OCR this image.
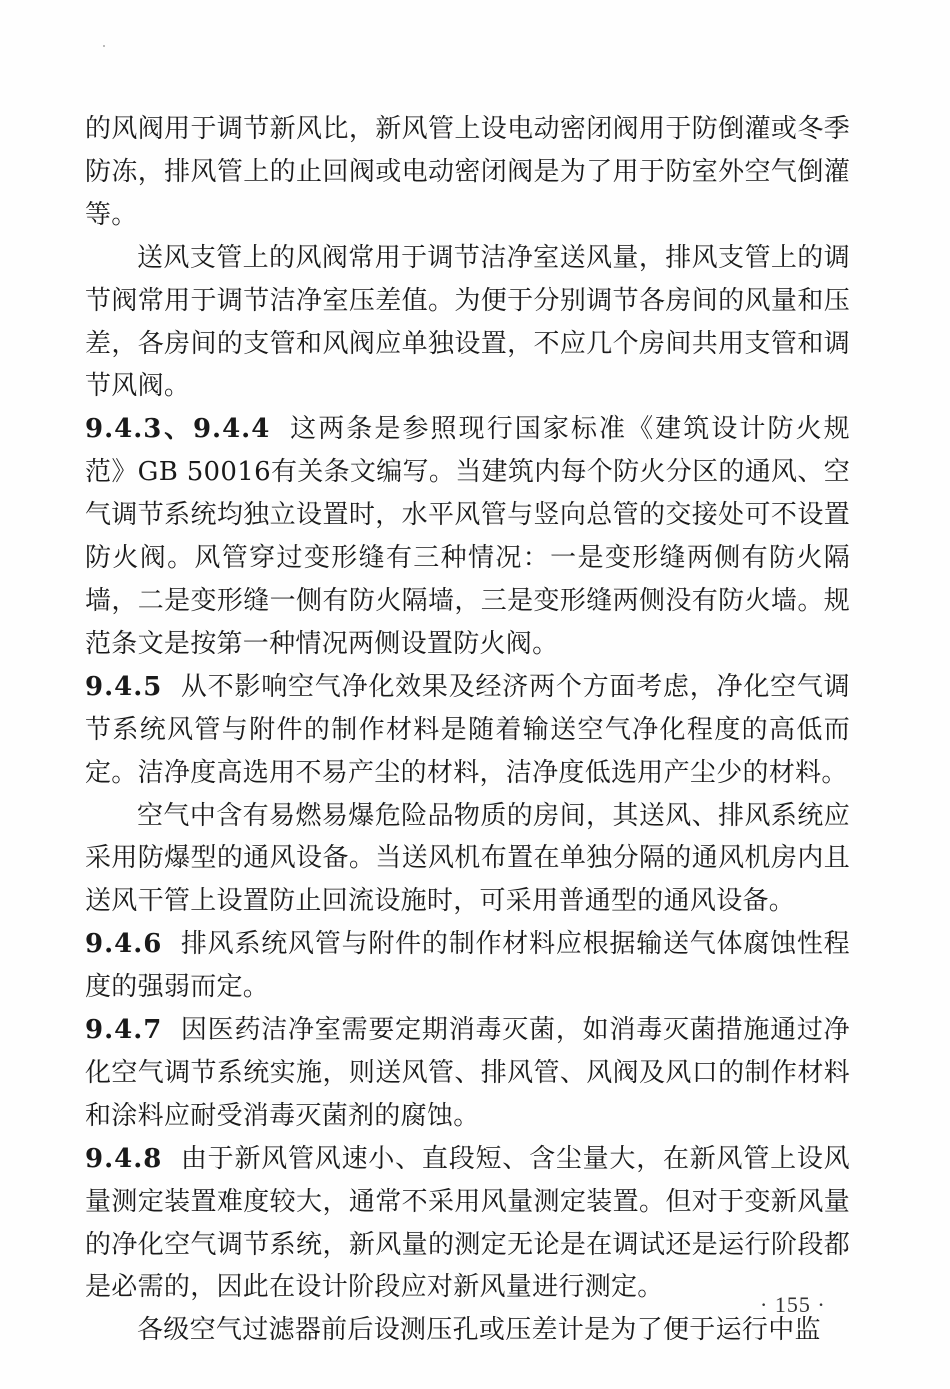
的风阀用于调节新风比，新风管上设电动密闭阀用于防倒灌或冬季防冻，排风管上的止回阀或电动密闭阀是为了用于防室外空气倒灌等。

送风支管上的风阀常用于调节洁净室送风量，排风支管上的调节阀常用于调节洁净室压差值。为便于分别调节各房间的风量和压差，各房间的支管和风阀应单独设置，不应几个房间共用支管和调节风阀。

9.4.3、9.4.4 这两条是参照现行国家标准《建筑设计防火规范》GB 50016有关条文编写。当建筑内每个防火分区的通风、空气调节系统均独立设置时，水平风管与竖向总管的交接处可不设置防火阀。风管穿过变形缝有三种情况：一是变形缝两侧有防火隔墙，二是变形缝一侧有防火隔墙，三是变形缝两侧没有防火墙。规范条文是按第一种情况两侧设置防火阀。

9.4.5 从不影响空气净化效果及经济两个方面考虑，净化空气调节系统风管与附件的制作材料是随着输送空气净化程度的高低而定。洁净度高选用不易产尘的材料，洁净度低选用产尘少的材料。

空气中含有易燃易爆危险品物质的房间，其送风、排风系统应采用防爆型的通风设备。当送风机布置在单独分隔的通风机房内且送风干管上设置防止回流设施时，可采用普通型的通风设备。

9.4.6 排风系统风管与附件的制作材料应根据输送气体腐蚀性程度的强弱而定。

9.4.7 因医药洁净室需要定期消毒灭菌，如消毒灭菌措施通过净化空气调节系统实施，则送风管、排风管、风阀及风口的制作材料和涂料应耐受消毒灭菌剂的腐蚀。

9.4.8 由于新风管风速小、直段短、含尘量大，在新风管上设风量测定装置难度较大，通常不采用风量测定装置。但对于变新风量的净化空气调节系统，新风量的测定无论是在调试还是运行阶段都是必需的，因此在设计阶段应对新风量进行测定。

各级空气过滤器前后设测压孔或压差计是为了便于运行中监

· 155 ·
